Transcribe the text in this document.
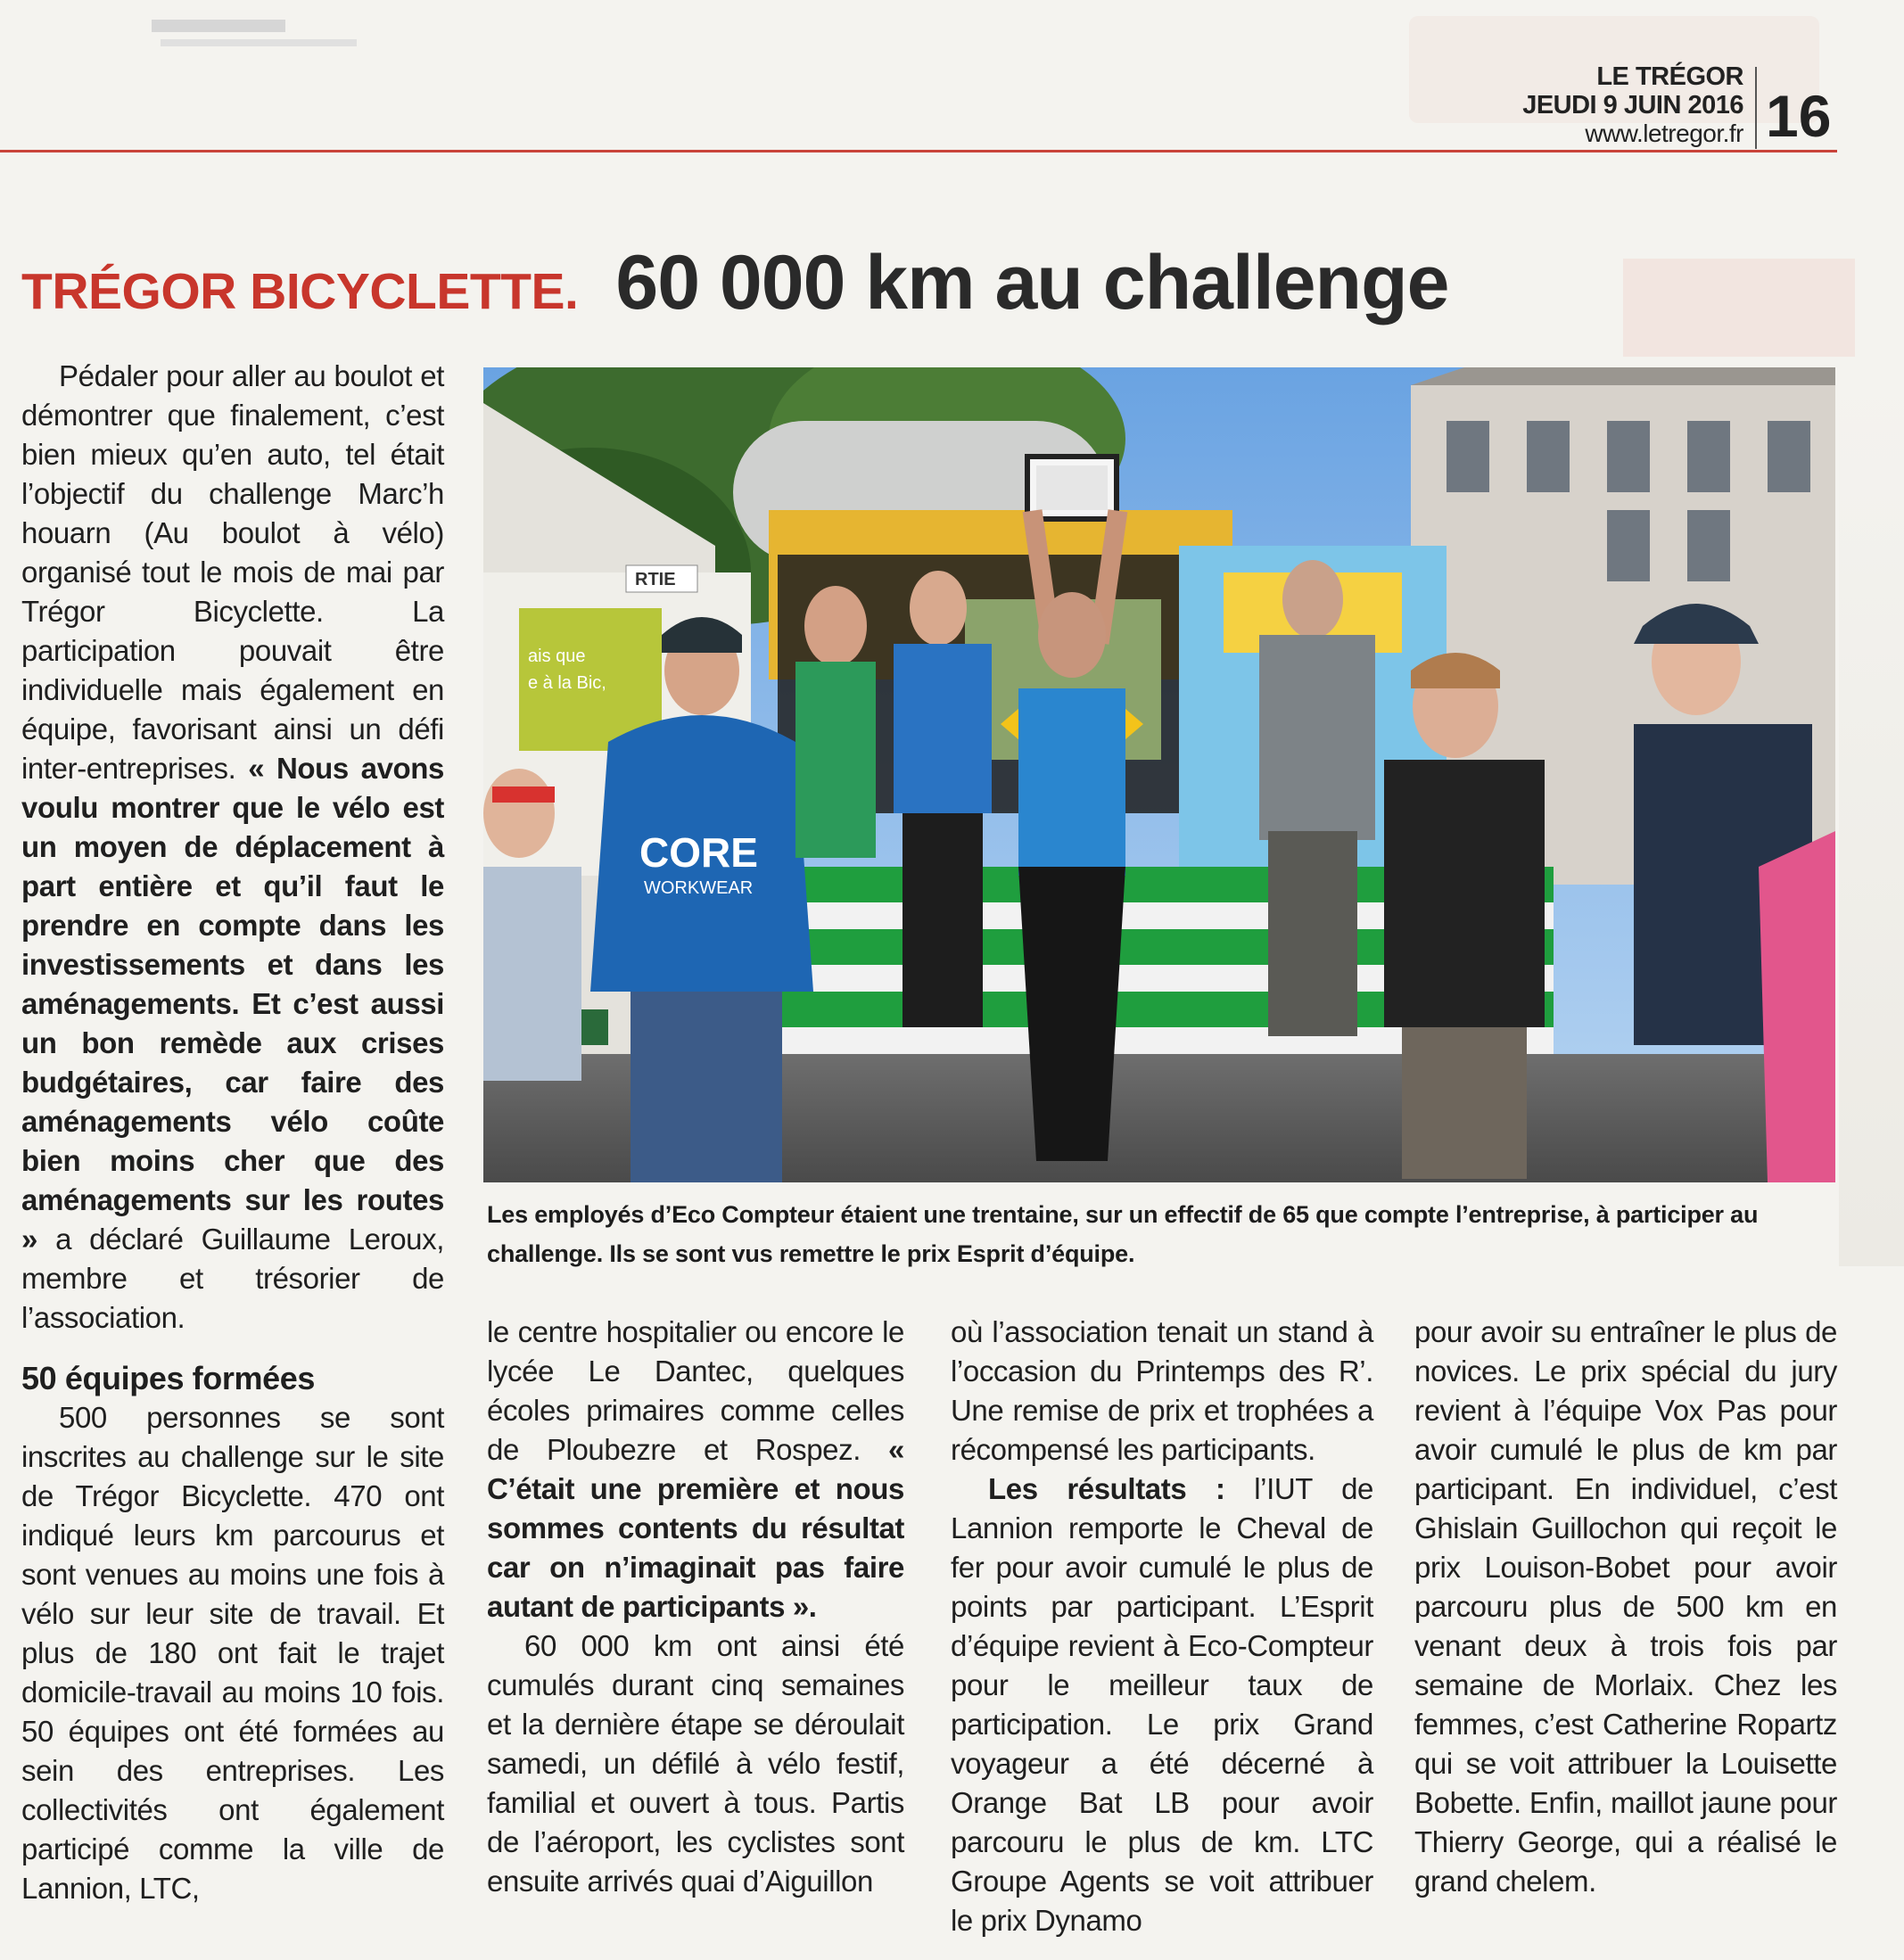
LE TRÉGOR
JEUDI 9 JUIN 2016
www.letregor.fr 16
TRÉGOR BICYCLETTE. 60 000 km au challenge
ais que
e à la Bic,
RTIE
CORE
WORKWEAR
Les employés d’Eco Compteur étaient une trentaine, sur un effectif de 65 que compte l’entreprise, à participer au challenge. Ils se sont vus remettre le prix Esprit d’équipe.

Pédaler pour aller au boulot et démontrer que finalement, c’est bien mieux qu’en auto, tel était l’objectif du challenge Marc’h houarn (Au boulot à vélo) organisé tout le mois de mai par Trégor Bicyclette. La participation pouvait être individuelle mais également en équipe, favorisant ainsi un défi inter-entreprises. « Nous avons voulu montrer que le vélo est un moyen de déplacement à part entière et qu’il faut le prendre en compte dans les investissements et dans les aménagements. Et c’est aussi un bon remède aux crises budgétaires, car faire des aménagements vélo coûte bien moins cher que des aménagements sur les routes » a déclaré Guillaume Leroux, membre et trésorier de l’association.

50 équipes formées

500 personnes se sont inscrites au challenge sur le site de Trégor Bicyclette. 470 ont indiqué leurs km parcourus et sont venues au moins une fois à vélo sur leur site de travail. Et plus de 180 ont fait le trajet domicile-travail au moins 10 fois. 50 équipes ont été formées au sein des entreprises. Les collectivités ont également participé comme la ville de Lannion, LTC,

le centre hospitalier ou encore le lycée Le Dantec, quelques écoles primaires comme celles de Ploubezre et Rospez. « C’était une première et nous sommes contents du résultat car on n’imaginait pas faire autant de participants ».

60 000 km ont ainsi été cumulés durant cinq semaines et la dernière étape se déroulait samedi, un défilé à vélo festif, familial et ouvert à tous. Partis de l’aéroport, les cyclistes sont ensuite arrivés quai d’Aiguillon

où l’association tenait un stand à l’occasion du Printemps des R’. Une remise de prix et trophées a récompensé les participants.

Les résultats : l’IUT de Lannion remporte le Cheval de fer pour avoir cumulé le plus de points par participant. L’Esprit d’équipe revient à Eco-Compteur pour le meilleur taux de participation. Le prix Grand voyageur a été décerné à Orange Bat LB pour avoir parcouru le plus de km. LTC Groupe Agents se voit attribuer le prix Dynamo

pour avoir su entraîner le plus de novices. Le prix spécial du jury revient à l’équipe Vox Pas pour avoir cumulé le plus de km par participant. En individuel, c’est Ghislain Guillochon qui reçoit le prix Louison-Bobet pour avoir parcouru plus de 500 km en venant deux à trois fois par semaine de Morlaix. Chez les femmes, c’est Catherine Ropartz qui se voit attribuer la Louisette Bobette. Enfin, maillot jaune pour Thierry George, qui a réalisé le grand chelem.
